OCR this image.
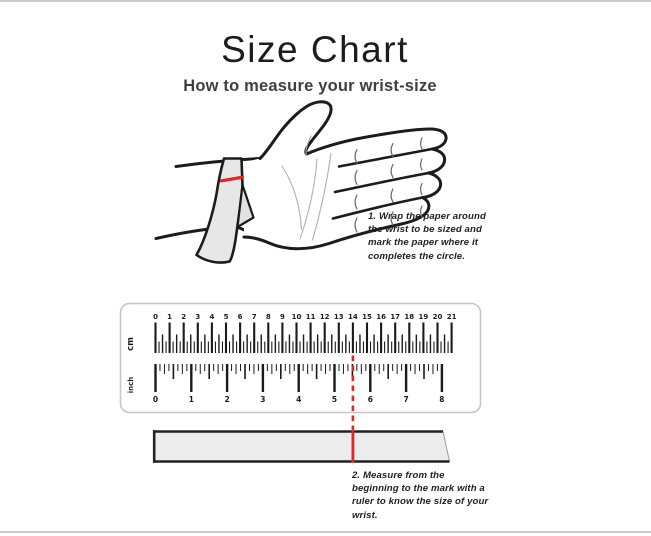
Size Chart
How to measure your wrist-size
1. Wrap the paper around the wrist to be sized and mark the paper where it completes the circle.
2. Measure from the beginning to the mark with a ruler to know the size of your wrist.
cm
inch
0 1 2 3 4 5 6 7 8 9 10 11 12 13 14 15 16 17 18 19 20 21
0	1	2	3	4	5	6	7	8
